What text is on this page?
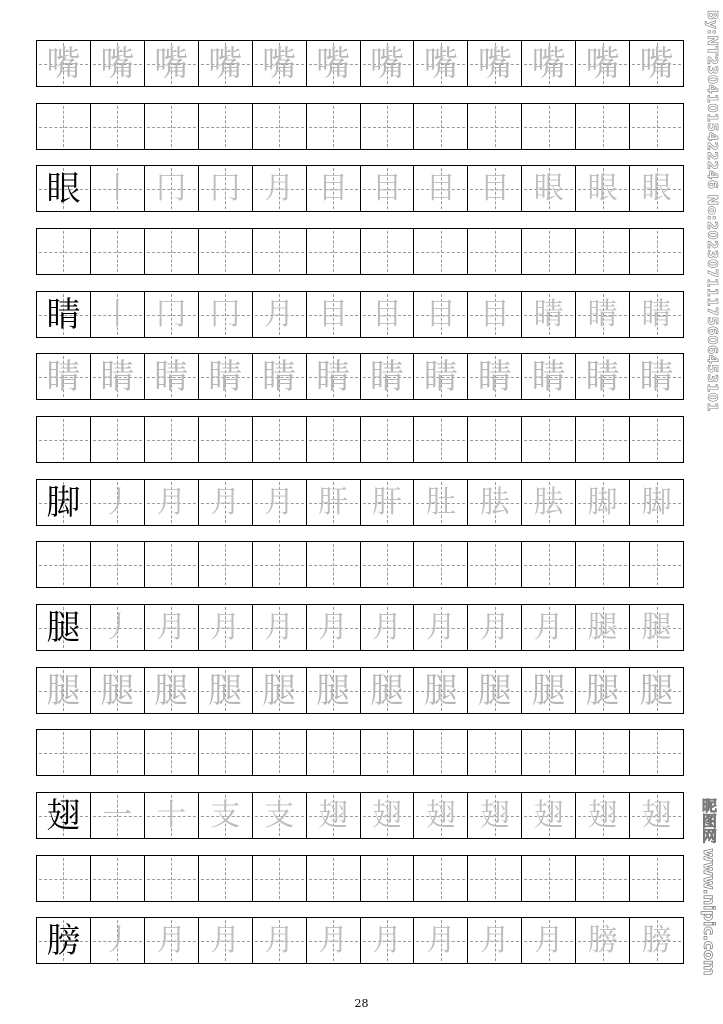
嘴 嘴 嘴 嘴 嘴 嘴 嘴 嘴 嘴 嘴 嘴 嘴
眼 丨 冂 冂 月 目 目 目 目 眼 眼 眼
睛 丨 冂 冂 月 目 目 目 目 睛 睛 睛
睛 睛 睛 睛 睛 睛 睛 睛 睛 睛 睛 睛
脚 丿 月 月 月 肝 肝 肚 胠 胠 脚 脚
腿 丿 月 月 月 月 月 月 月 月 腿 腿
腿 腿 腿 腿 腿 腿 腿 腿 腿 腿 腿 腿
翅 一 十 支 支 翅 翅 翅 翅 翅 翅 翅
膀 丿 月 月 月 月 月 月 月 月 膀 膀
By:NT23041015422246 No:20230711175606453101
昵图网 www.nipic.com
28
